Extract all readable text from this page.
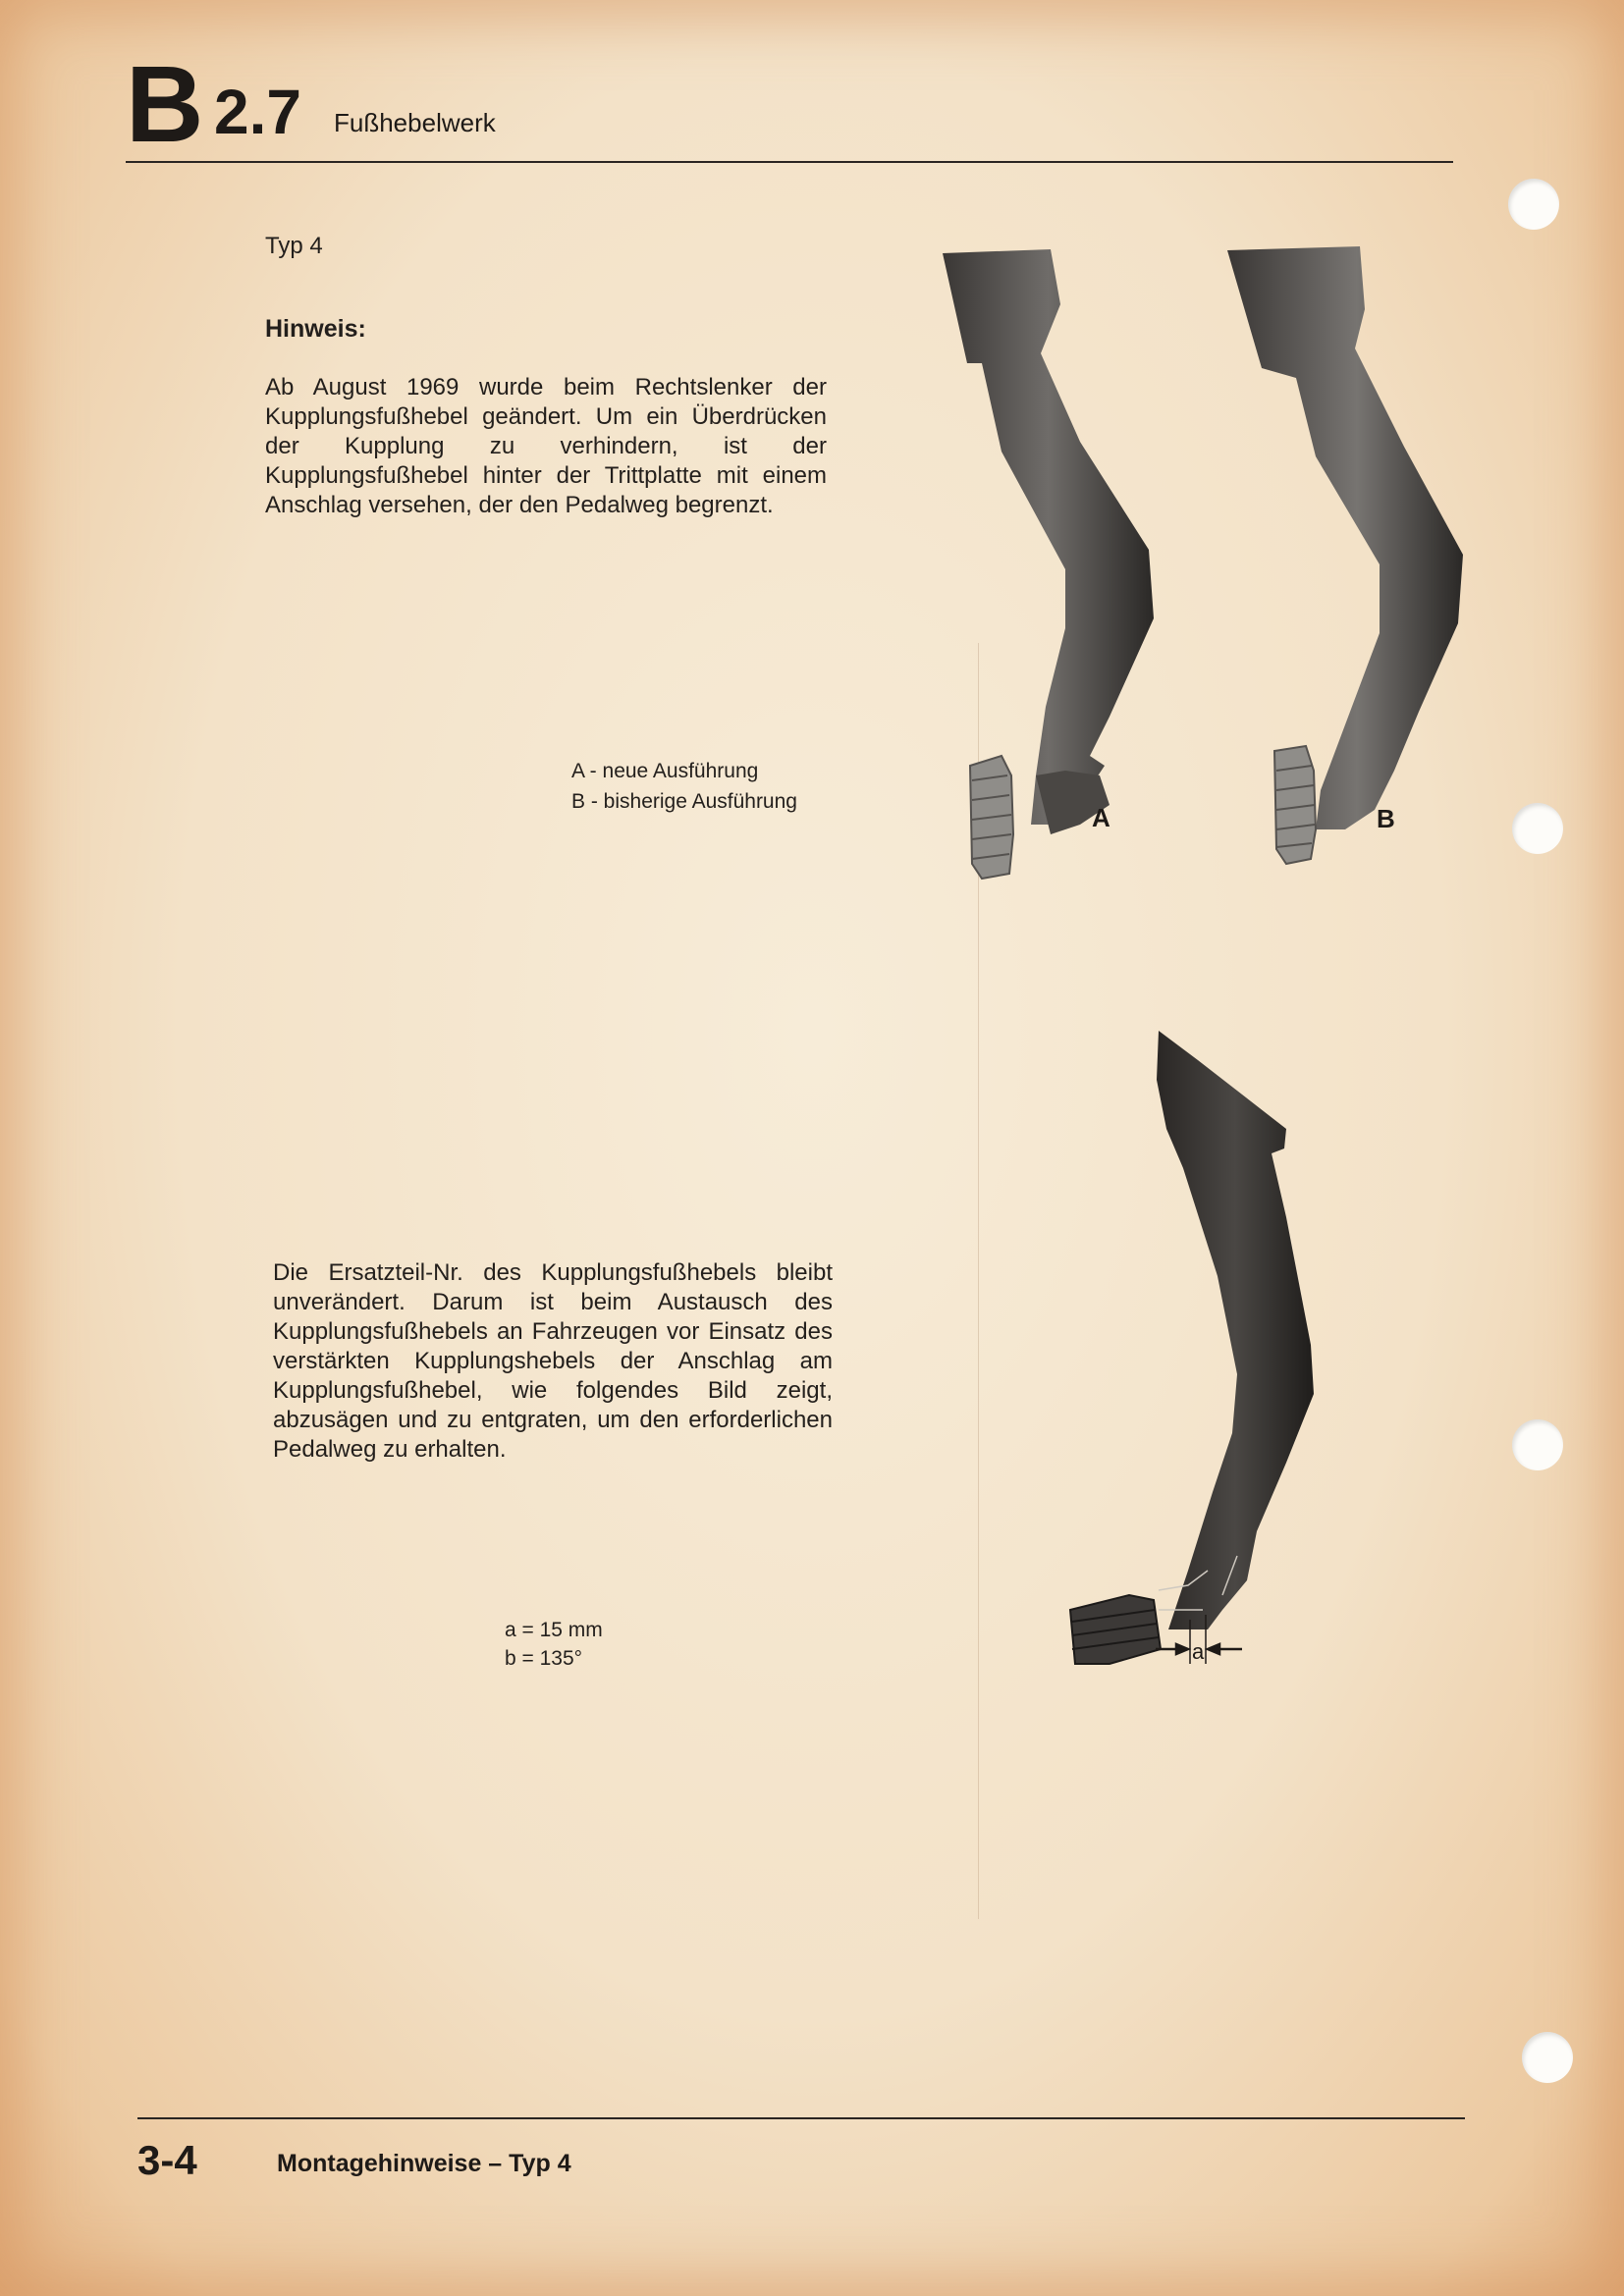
B 2.7 Fußhebelwerk
Typ 4
Hinweis:
Ab August 1969 wurde beim Rechtslenker der Kupplungsfußhebel geändert. Um ein Überdrücken der Kupplung zu verhindern, ist der Kupplungsfußhebel hinter der Trittplatte mit einem Anschlag versehen, der den Pedalweg begrenzt.
A - neue Ausführung
B - bisherige Ausführung
A	B
a
Die Ersatzteil-Nr. des Kupplungsfußhebels bleibt unverändert. Darum ist beim Austausch des Kupplungsfußhebels an Fahrzeugen vor Einsatz des verstärkten Kupplungshebels der Anschlag am Kupplungsfußhebel, wie folgendes Bild zeigt, abzusägen und zu entgraten, um den erforderlichen Pedalweg zu erhalten.
a = 15 mm
b = 135°
3-4	Montagehinweise – Typ 4
